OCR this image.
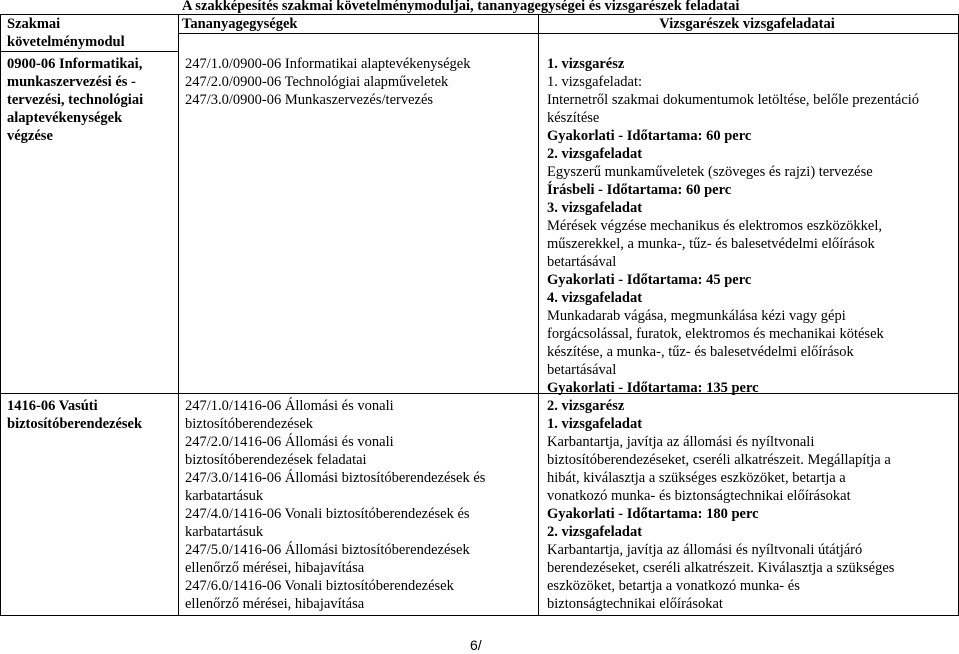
A szakképesítés szakmai követelménymoduljai, tananyagegységei és vizsgarészek feladatai
Szakmai
követelménymodul
Tananyagegységek	Vizsgarészek vizsgafeladatai
0900-06 Informatikai,
munkaszervezési és -
tervezési, technológiai
alaptevékenységek
végzése
247/1.0/0900-06 Informatikai alaptevékenységek
247/2.0/0900-06 Technológiai alapműveletek
247/3.0/0900-06 Munkaszervezés/tervezés
1. vizsgarész
1. vizsgafeladat:
Internetről szakmai dokumentumok letöltése, belőle prezentáció
készítése
Gyakorlati - Időtartama: 60 perc
2. vizsgafeladat
Egyszerű munkaműveletek (szöveges és rajzi) tervezése
Írásbeli - Időtartama: 60 perc
3. vizsgafeladat
Mérések végzése mechanikus és elektromos eszközökkel,
műszerekkel, a munka-, tűz- és balesetvédelmi előírások
betartásával
Gyakorlati - Időtartama: 45 perc
4. vizsgafeladat
Munkadarab vágása, megmunkálása kézi vagy gépi
forgácsolással, furatok, elektromos és mechanikai kötések
készítése, a munka-, tűz- és balesetvédelmi előírások
betartásával
Gyakorlati - Időtartama: 135 perc
1416-06 Vasúti
biztosítóberendezések
247/1.0/1416-06 Állomási és vonali
biztosítóberendezések
247/2.0/1416-06 Állomási és vonali
biztosítóberendezések feladatai
247/3.0/1416-06 Állomási biztosítóberendezések és
karbatartásuk
247/4.0/1416-06 Vonali biztosítóberendezések és
karbatartásuk
247/5.0/1416-06 Állomási biztosítóberendezések
ellenőrző mérései, hibajavítása
247/6.0/1416-06 Vonali biztosítóberendezések
ellenőrző mérései, hibajavítása
2. vizsgarész
1. vizsgafeladat
Karbantartja, javítja az állomási és nyíltvonali
biztosítóberendezéseket, cseréli alkatrészeit. Megállapítja a
hibát, kiválasztja a szükséges eszközöket, betartja a
vonatkozó munka- és biztonságtechnikai előírásokat
Gyakorlati - Időtartama: 180 perc
2. vizsgafeladat
Karbantartja, javítja az állomási és nyíltvonali útátjáró
berendezéseket, cseréli alkatrészeit. Kiválasztja a szükséges
eszközöket, betartja a vonatkozó munka- és
biztonságtechnikai előírásokat
6/
